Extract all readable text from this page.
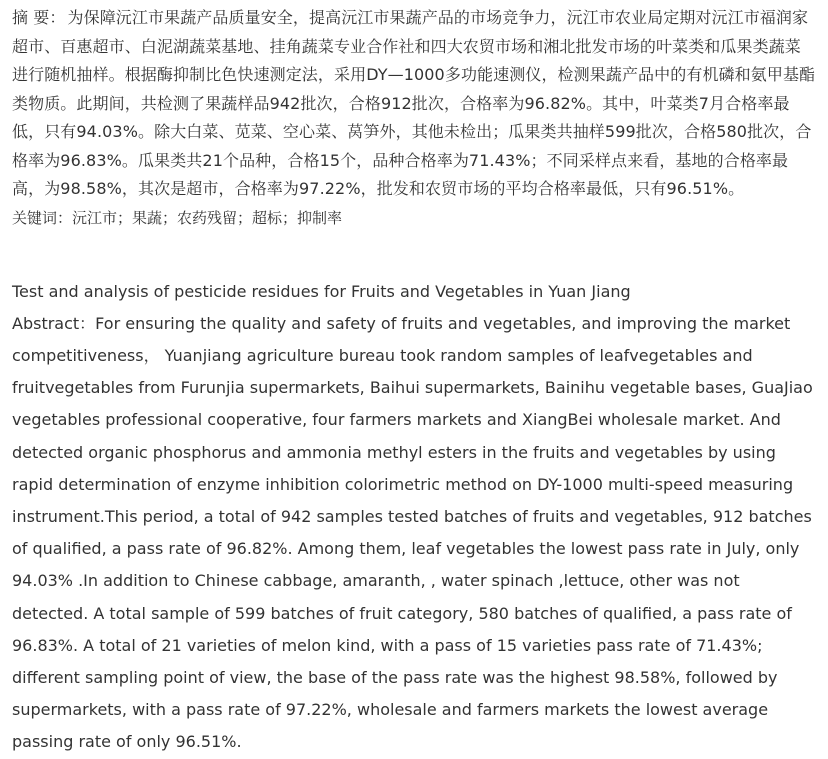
摘 要： 为保障沅江市果蔬产品质量安全，提高沅江市果蔬产品的市场竞争力，沅江市农业局定期对沅江市福润家超市、百惠超市、白泥湖蔬菜基地、挂角蔬菜专业合作社和四大农贸市场和湘北批发市场的叶菜类和瓜果类蔬菜进行随机抽样。根据酶抑制比色快速测定法，采用DY—1000多功能速测仪，检测果蔬产品中的有机磷和氨甲基酯类物质。此期间，共检测了果蔬样品942批次，合格912批次，合格率为96.82%。其中，叶菜类7月合格率最低，只有94.03%。除大白菜、苋菜、空心菜、莴笋外，其他未检出；瓜果类共抽样599批次，合格580批次，合格率为96.83%。瓜果类共21个品种，合格15个，品种合格率为71.43%；不同采样点来看，基地的合格率最高，为98.58%，其次是超市，合格率为97.22%，批发和农贸市场的平均合格率最低，只有96.51%。

关键词：沅江市；果蔬；农药残留；超标；抑制率

Test and analysis of pesticide residues for Fruits and Vegetables in Yuan Jiang

Abstract：For ensuring the quality and safety of fruits and vegetables, and improving the market competitiveness， Yuanjiang agriculture bureau took random samples of leafvegetables and fruitvegetables from Furunjia supermarkets, Baihui supermarkets, Bainihu vegetable bases, GuaJiao vegetables professional cooperative, four farmers markets and XiangBei wholesale market. And detected organic phosphorus and ammonia methyl esters in the fruits and vegetables by using rapid determination of enzyme inhibition colorimetric method on DY-1000 multi-speed measuring instrument.This period, a total of 942 samples tested batches of fruits and vegetables, 912 batches of qualified, a pass rate of 96.82%. Among them, leaf vegetables the lowest pass rate in July, only 94.03% .In addition to Chinese cabbage, amaranth, , water spinach ,lettuce, other was not detected. A total sample of 599 batches of fruit category, 580 batches of qualified, a pass rate of 96.83%. A total of 21 varieties of melon kind, with a pass of 15 varieties pass rate of 71.43%; different sampling point of view, the base of the pass rate was the highest 98.58%, followed by supermarkets, with a pass rate of 97.22%, wholesale and farmers markets the lowest average passing rate of only 96.51%.
